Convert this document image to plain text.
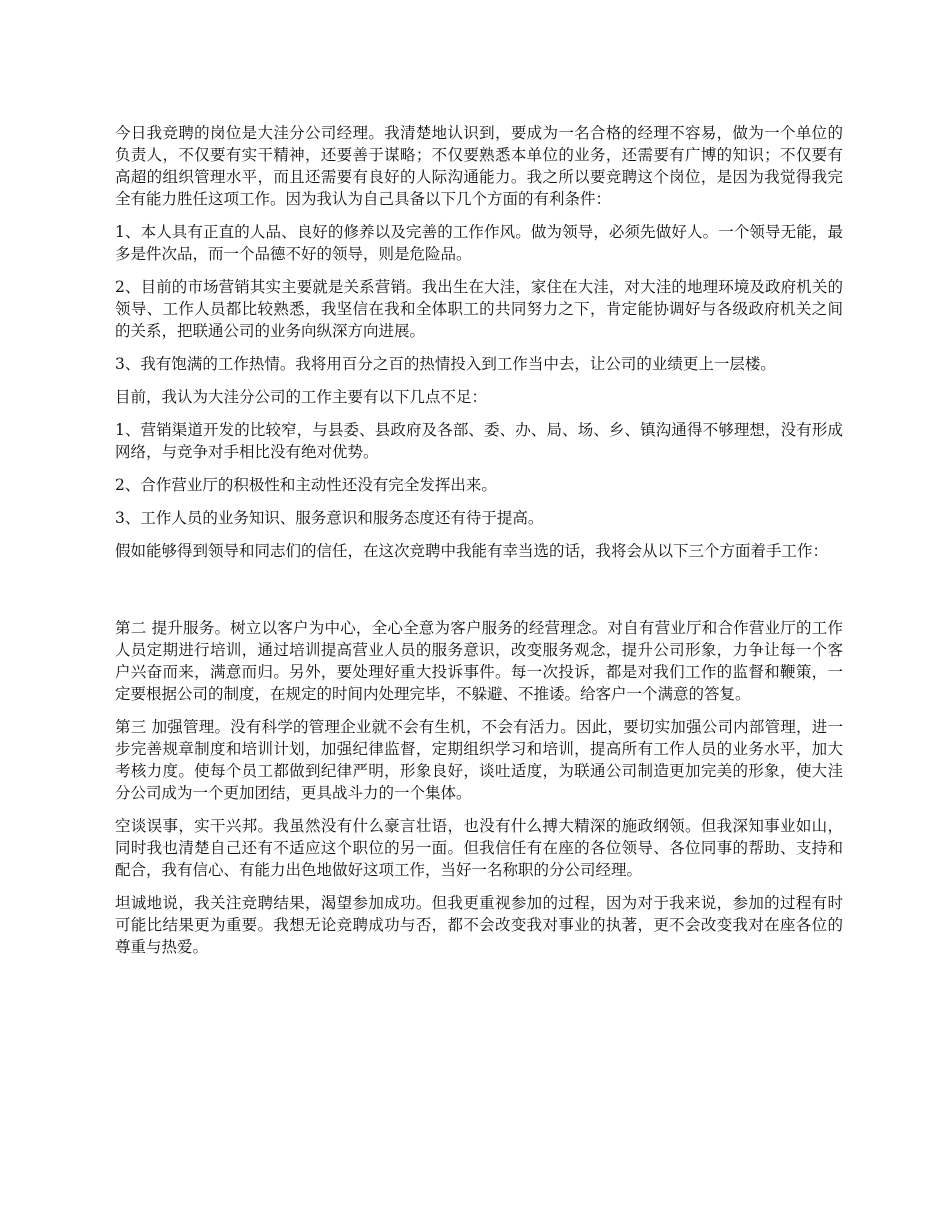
今日我竞聘的岗位是大洼分公司经理。我清楚地认识到，要成为一名合格的经理不容易，做为一个单位的负责人，不仅要有实干精神，还要善于谋略；不仅要熟悉本单位的业务，还需要有广博的知识；不仅要有高超的组织管理水平，而且还需要有良好的人际沟通能力。我之所以要竞聘这个岗位，是因为我觉得我完全有能力胜任这项工作。因为我认为自己具备以下几个方面的有利条件：

1、本人具有正直的人品、良好的修养以及完善的工作作风。做为领导，必须先做好人。一个领导无能，最多是件次品，而一个品德不好的领导，则是危险品。

2、目前的市场营销其实主要就是关系营销。我出生在大洼，家住在大洼，对大洼的地理环境及政府机关的领导、工作人员都比较熟悉，我坚信在我和全体职工的共同努力之下，肯定能协调好与各级政府机关之间的关系，把联通公司的业务向纵深方向进展。

3、我有饱满的工作热情。我将用百分之百的热情投入到工作当中去，让公司的业绩更上一层楼。

目前，我认为大洼分公司的工作主要有以下几点不足：

1、营销渠道开发的比较窄，与县委、县政府及各部、委、办、局、场、乡、镇沟通得不够理想，没有形成网络，与竞争对手相比没有绝对优势。

2、合作营业厅的积极性和主动性还没有完全发挥出来。

3、工作人员的业务知识、服务意识和服务态度还有待于提高。

假如能够得到领导和同志们的信任，在这次竞聘中我能有幸当选的话，我将会从以下三个方面着手工作：

第二 提升服务。树立以客户为中心，全心全意为客户服务的经营理念。对自有营业厅和合作营业厅的工作人员定期进行培训，通过培训提高营业人员的服务意识，改变服务观念，提升公司形象，力争让每一个客户兴奋而来，满意而归。另外，要处理好重大投诉事件。每一次投诉，都是对我们工作的监督和鞭策，一定要根据公司的制度，在规定的时间内处理完毕，不躲避、不推诿。给客户一个满意的答复。

第三 加强管理。没有科学的管理企业就不会有生机，不会有活力。因此，要切实加强公司内部管理，进一步完善规章制度和培训计划，加强纪律监督，定期组织学习和培训，提高所有工作人员的业务水平，加大考核力度。使每个员工都做到纪律严明，形象良好，谈吐适度，为联通公司制造更加完美的形象，使大洼分公司成为一个更加团结，更具战斗力的一个集体。

空谈误事，实干兴邦。我虽然没有什么豪言壮语，也没有什么搏大精深的施政纲领。但我深知事业如山，同时我也清楚自己还有不适应这个职位的另一面。但我信任有在座的各位领导、各位同事的帮助、支持和配合，我有信心、有能力出色地做好这项工作，当好一名称职的分公司经理。

坦诚地说，我关注竞聘结果，渴望参加成功。但我更重视参加的过程，因为对于我来说，参加的过程有时可能比结果更为重要。我想无论竞聘成功与否，都不会改变我对事业的执著，更不会改变我对在座各位的尊重与热爱。
